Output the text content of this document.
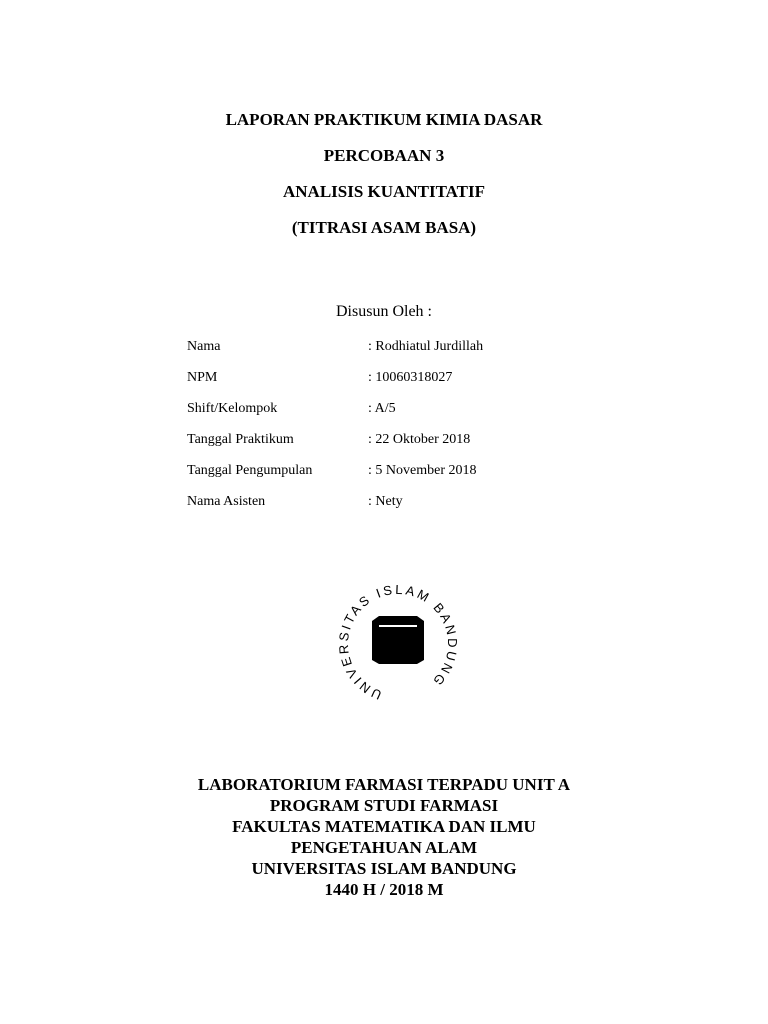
LAPORAN PRAKTIKUM KIMIA DASAR
PERCOBAAN 3
ANALISIS KUANTITATIF
(TITRASI ASAM BASA)
Disusun Oleh :
Nama	: Rodhiatul Jurdillah
NPM	: 10060318027
Shift/Kelompok	: A/5
Tanggal Praktikum	: 22 Oktober 2018
Tanggal Pengumpulan	: 5 November 2018
Nama Asisten	: Nety
UNIVERSITAS ISLAM BANDUNG
LABORATORIUM FARMASI TERPADU UNIT A
PROGRAM STUDI FARMASI
FAKULTAS MATEMATIKA DAN ILMU
PENGETAHUAN ALAM
UNIVERSITAS ISLAM BANDUNG
1440 H / 2018 M
